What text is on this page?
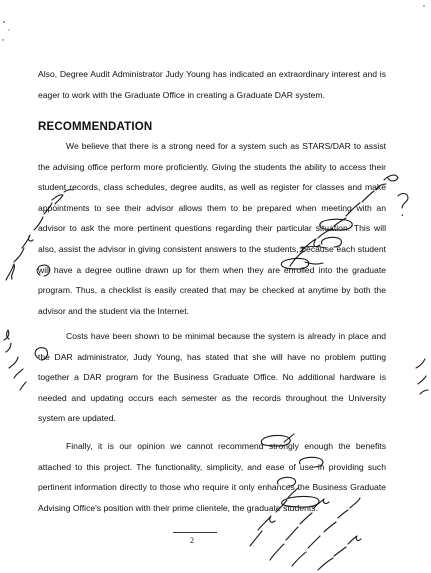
Also, Degree Audit Administrator Judy Young has indicated an extraordinary interest and is eager to work with the Graduate Office in creating a Graduate DAR system.
RECOMMENDATION
We believe that there is a strong need for a system such as STARS/DAR to assist the advising office perform more proficiently. Giving the students the ability to access their student records, class schedules, degree audits, as well as register for classes and make appointments to see their advisor allows them to be prepared when meeting with an advisor to ask the more pertinent questions regarding their particular situation. This will also, assist the advisor in giving consistent answers to the students, because each student will have a degree outline drawn up for them when they are enrolled into the graduate program. Thus, a checklist is easily created that may be checked at anytime by both the advisor and the student via the Internet.
Costs have been shown to be minimal because the system is already in place and the DAR administrator, Judy Young, has stated that she will have no problem putting together a DAR program for the Business Graduate Office. No additional hardware is needed and updating occurs each semester as the records throughout the University system are updated.
Finally, it is our opinion we cannot recommend strongly enough the benefits attached to this project. The functionality, simplicity, and ease of use in providing such pertinent information directly to those who require it only enhances the Business Graduate Advising Office's position with their prime clientele, the graduate students.
2
